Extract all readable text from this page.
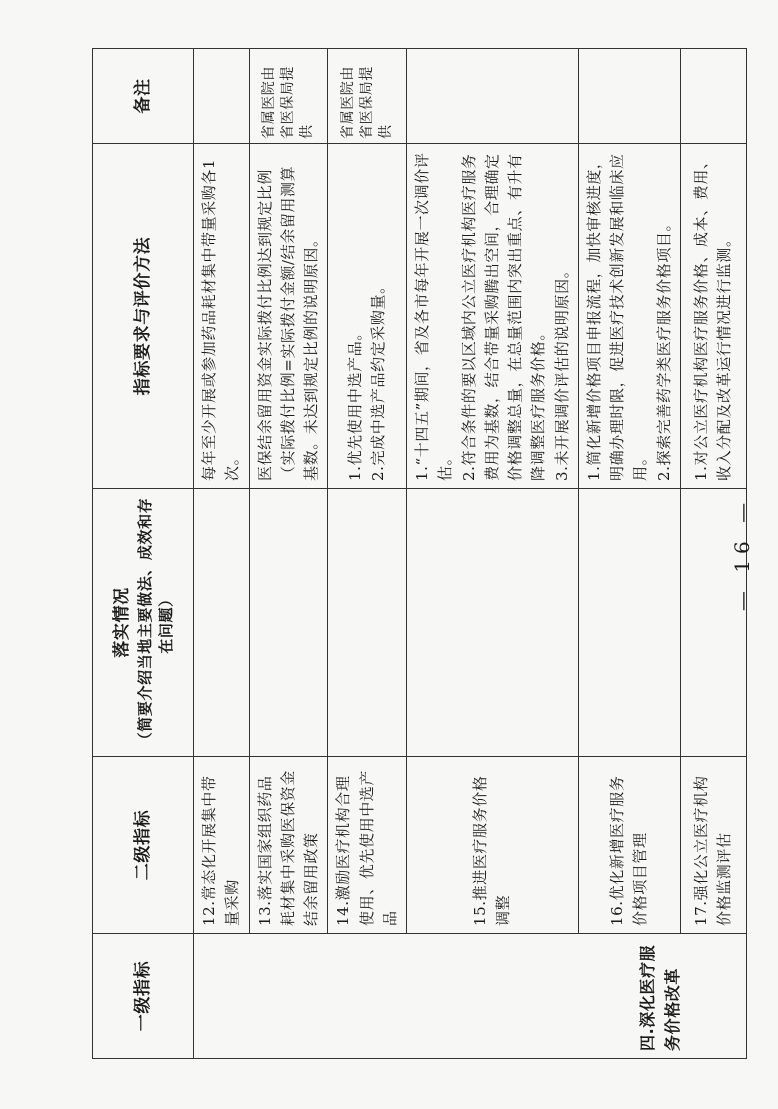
一级指标	二级指标	落实情况 （简要介绍当地主要做法、成效和存在问题）	指标要求与评价方法	备注
四.深化医疗服务价格改革	12.常态化开展集中带量采购		每年至少开展或参加药品耗材集中带量采购各1次。	

	13.落实国家组织药品耗材集中采购医保资金结余留用政策		医保结余留用资金实际拨付比例达到规定比例（实际拨付比例=实际拨付金额/结余留用测算基数。未达到规定比例的说明原因。	省属医院由省医保局提供
	14.激励医疗机构合理使用、优先使用中选产品		1.优先使用中选产品。 2.完成中选产品约定采购量。	省属医院由省医保局提供
	15.推进医疗服务价格调整		1.“十四五”期间，省及各市每年开展一次调价评估。 2.符合条件的要以区域内公立医疗机构医疗服务费用为基数，结合带量采购腾出空间，合理确定价格调整总量，在总量范围内突出重点、有升有降调整医疗服务价格。 3.未开展调价评估的说明原因。	

	16.优化新增医疗服务价格项目管理		1.简化新增价格项目申报流程，加快审核进度，明确办理时限，促进医疗技术创新发展和临床应用。 2.探索完善药学类医疗服务价格项目。	

	17.强化公立医疗机构价格监测评估		1.对公立医疗机构医疗服务价格、成本、费用、收入分配及改革运行情况进行监测。	

— 16 —
